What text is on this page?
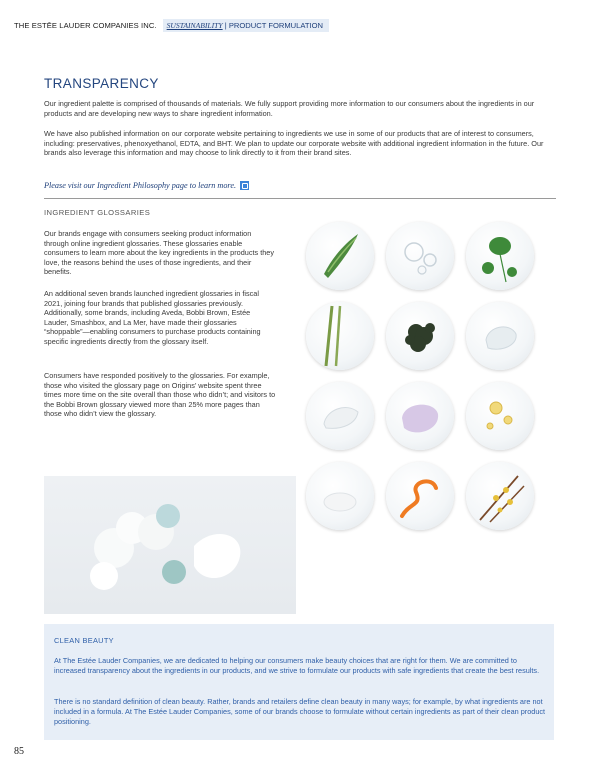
THE ESTĒE LAUDER COMPANIES INC.	SUSTAINABILITY | PRODUCT FORMULATION
TRANSPARENCY

Our ingredient palette is comprised of thousands of materials. We fully support providing more information to our consumers about the ingredients in our products and are developing new ways to share ingredient information.

We have also published information on our corporate website pertaining to ingredients we use in some of our products that are of interest to consumers, including: preservatives, phenoxyethanol, EDTA, and BHT. We plan to update our corporate website with additional ingredient information in the future. Our brands also leverage this information and may choose to link directly to it from their brand sites.

Please visit our Ingredient Philosophy page to learn more.
INGREDIENT GLOSSARIES

Our brands engage with consumers seeking product information through online ingredient glossaries. These glossaries enable consumers to learn more about the key ingredients in the products they love, the reasons behind the uses of those ingredients, and their benefits.

An additional seven brands launched ingredient glossaries in fiscal 2021, joining four brands that published glossaries previously. Additionally, some brands, including Aveda, Bobbi Brown, Estée Lauder, Smashbox, and La Mer, have made their glossaries “shoppable”—enabling consumers to purchase products containing specific ingredients directly from the glossary itself.

Consumers have responded positively to the glossaries. For example, those who visited the glossary page on Origins’ website spent three times more time on the site overall than those who didn’t; and visitors to the Bobbi Brown glossary viewed more than 25% more pages than those who didn’t view the glossary.

CLEAN BEAUTY

At The Estée Lauder Companies, we are dedicated to helping our consumers make beauty choices that are right for them. We are committed to increased transparency about the ingredients in our products, and we strive to formulate our products with safe ingredients that create the best results.

There is no standard definition of clean beauty. Rather, brands and retailers define clean beauty in many ways; for example, by what ingredients are not included in a formula. At The Estée Lauder Companies, some of our brands choose to formulate without certain ingredients as part of their clean product positioning.

85
